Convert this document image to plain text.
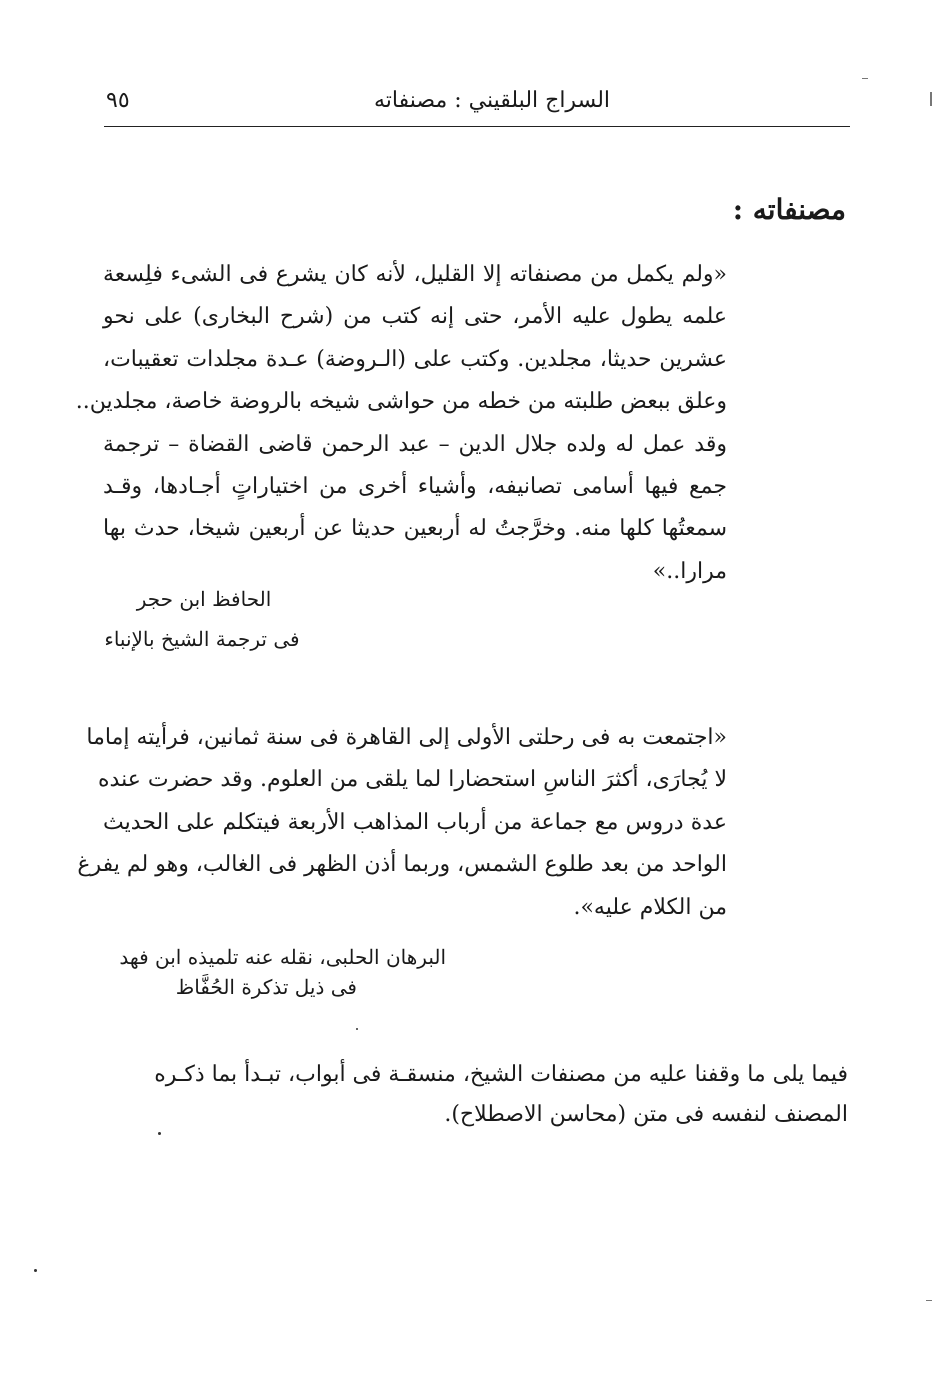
٩٥	السراج البلقيني : مصنفاته
مصنفاته :
«ولم يكمل من مصنفاته إلا القليل، لأنه كان يشرع فى الشىء فلِسعة
علمه يطول عليه الأمر، حتى إنه كتب من (شرح البخارى) على نحو
عشرين حديثا، مجلدين. وكتب على (الـروضة) عـدة مجلدات تعقيبات،
وعلق ببعض طلبته من خطه من حواشى شيخه بالروضة خاصة، مجلدين..
وقد عمل له ولده جلال الدين – عبد الرحمن قاضى القضاة – ترجمة
جمع فيها أسامى تصانيفه، وأشياء أخرى من اختياراتٍ أجـادها، وقـد
سمعتُها كلها منه. وخرَّجتُ له أربعين حديثا عن أربعين شيخا، حدث بها
مرارا..»
الحافظ ابن حجر
فى ترجمة الشيخ بالإنباء
«اجتمعت به فى رحلتى الأولى إلى القاهرة فى سنة ثمانين، فرأيته إماما
لا يُجارَى، أكثرَ الناسِ استحضارا لما يلقى من العلوم. وقد حضرت عنده
عدة دروس مع جماعة من أرباب المذاهب الأربعة فيتكلم على الحديث
الواحد من بعد طلوع الشمس، وربما أذن الظهر فى الغالب، وهو لم يفرغ
من الكلام عليه».
البرهان الحلبى، نقله عنه تلميذه ابن فهد
فى ذيل تذكرة الحُفَّاظ
فيما يلى ما وقفنا عليه من مصنفات الشيخ، منسقـة فى أبواب، تبـدأ بما ذكـره المصنف لنفسه فى متن (محاسن الاصطلاح).
